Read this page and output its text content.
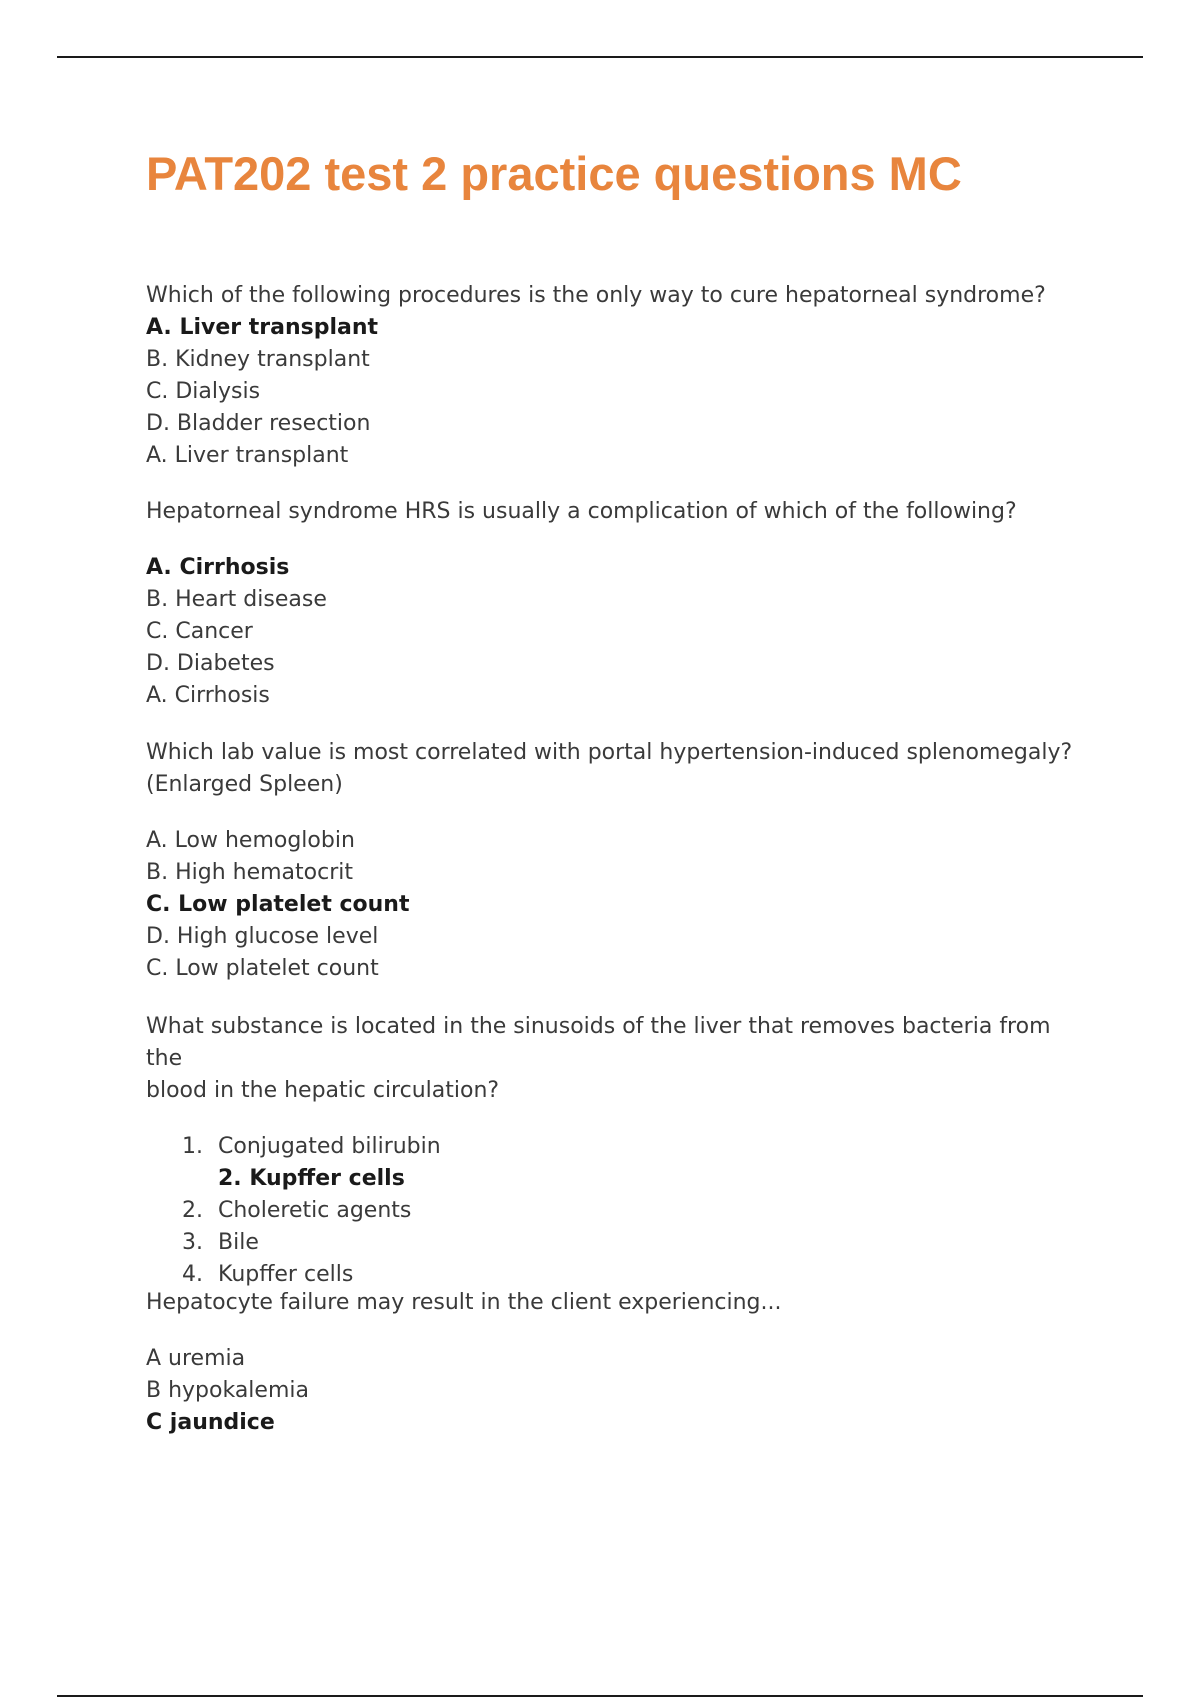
PAT202 test 2 practice questions MC

Which of the following procedures is the only way to cure hepatorneal syndrome?

A. Liver transplant

B. Kidney transplant

C. Dialysis

D. Bladder resection

A. Liver transplant

Hepatorneal syndrome HRS is usually a complication of which of the following?

A. Cirrhosis

B. Heart disease

C. Cancer

D. Diabetes

A. Cirrhosis

Which lab value is most correlated with portal hypertension-induced splenomegaly?

(Enlarged Spleen)

A. Low hemoglobin

B. High hematocrit

C. Low platelet count

D. High glucose level

C. Low platelet count

What substance is located in the sinusoids of the liver that removes bacteria from the

blood in the hepatic circulation?

1. Conjugated bilirubin

2. Kupffer cells

2. Choleretic agents

3. Bile

4. Kupffer cells

Hepatocyte failure may result in the client experiencing...

A uremia

B hypokalemia

C jaundice
